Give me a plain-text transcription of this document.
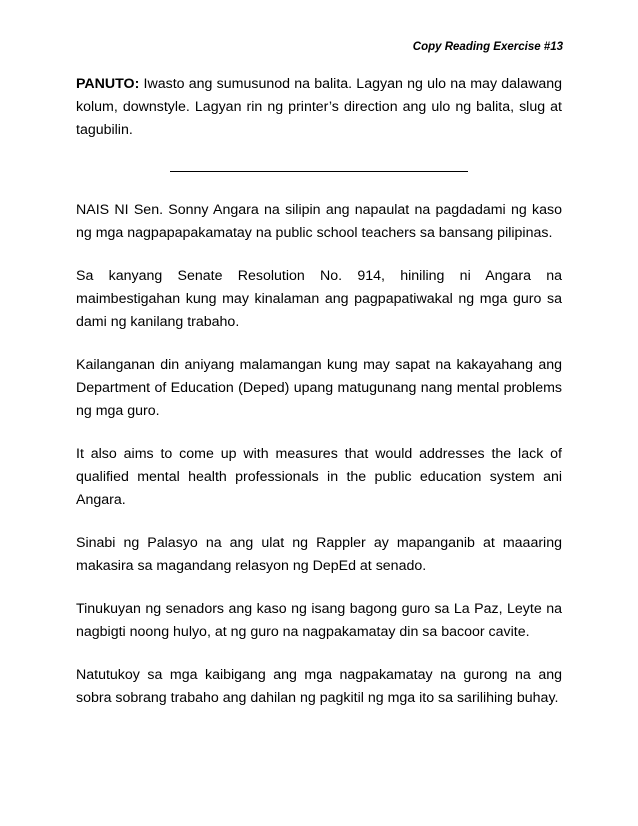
Copy Reading Exercise #13

PANUTO: Iwasto ang sumusunod na balita. Lagyan ng ulo na may dalawang kolum, downstyle. Lagyan rin ng printer’s direction ang ulo ng balita, slug at tagubilin.

NAIS NI Sen. Sonny Angara na silipin ang napaulat na pagdadami ng kaso ng mga nagpapapakamatay na public school teachers sa bansang pilipinas.

Sa kanyang Senate Resolution No. 914, hiniling ni Angara na maimbestigahan kung may kinalaman ang pagpapatiwakal ng mga guro sa dami ng kanilang trabaho.

Kailanganan din aniyang malamangan kung may sapat na kakayahang ang Department of Education (Deped) upang matugunang nang mental problems ng mga guro.

It also aims to come up with measures that would addresses the lack of qualified mental health professionals in the public education system ani Angara.

Sinabi ng Palasyo na ang ulat ng Rappler ay mapanganib at maaaring makasira sa magandang relasyon ng DepEd at senado.

Tinukuyan ng senadors ang kaso ng isang bagong guro sa La Paz, Leyte na nagbigti noong hulyo, at ng guro na nagpakamatay din sa bacoor cavite.

Natutukoy sa mga kaibigang ang mga nagpakamatay na gurong na ang sobra sobrang trabaho ang dahilan ng pagkitil ng mga ito sa sarilihing buhay.
